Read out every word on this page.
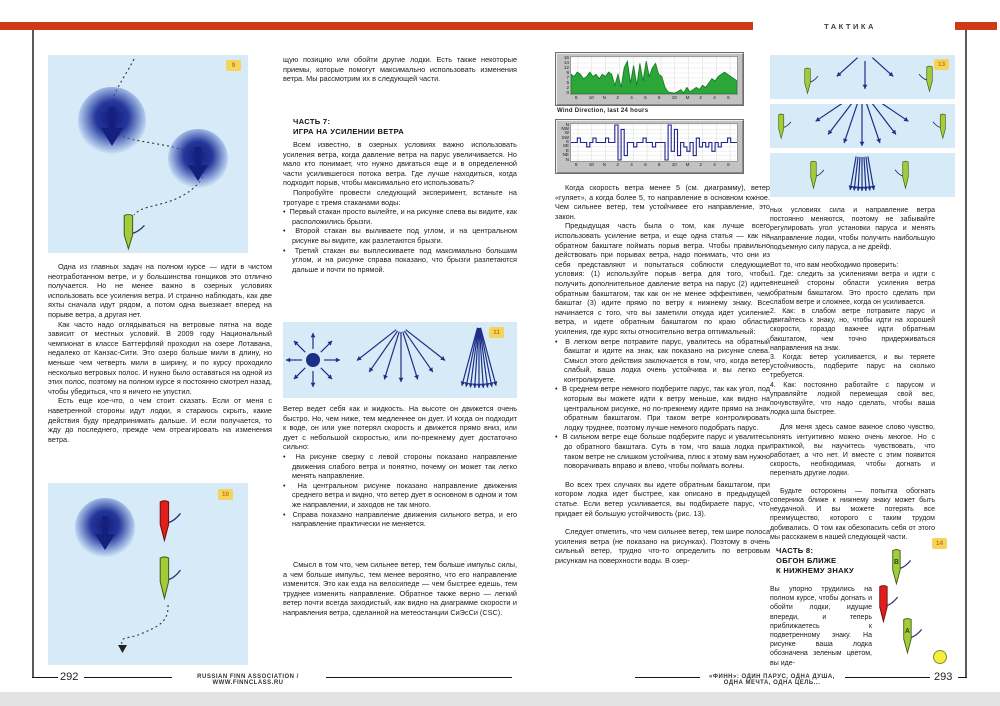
ТАКТИКА
9

Одна из главных задач на полном курсе — идти в чистом неотработанном ветре, и у большинства гонщиков это отлично получается. Но не менее важно в озерных условиях использовать все усиления ветра. И странно наблюдать, как две яхты сначала идут рядом, а потом одна выезжает вперед на порыве ветра, а другая нет.

Как часто надо оглядываться на ветровые пятна на воде зависит от местных условий. В 2009 году Национальный чемпионат в классе Баттерфляй проходил на озере Лотавана, недалеко от Канзас-Сити. Это озеро больше мили в длину, но меньше чем четверть мили в ширину, и по курсу проходило несколько ветровых полос. И нужно было оставаться на одной из этих полос, поэтому на полном курсе я постоянно смотрел назад, чтобы убедиться, что я ничего не упустил.

Есть еще кое-что, о чем стоит сказать. Если от меня с наветренной стороны идут лодки, я стараюсь скрыть, какие действия буду предпринимать дальше. И если получается, то жду до последнего, прежде чем отреагировать на изменения ветра.

10

щую позицию или обойти другие лодки. Есть также некоторые приемы, которые помогут максимально использовать изменения ветра. Мы рассмотрим их в следующей части.

ЧАСТЬ 7:
ИГРА НА УСИЛЕНИИ ВЕТРА

Всем известно, в озерных условиях важно использовать усиления ветра, когда давление ветра на парус увеличивается. Но мало кто понимает, что нужно двигаться еще и в определенной части усилившегося потока ветра. Где лучше находиться, когда подходит порыв, чтобы максимально его использовать?

Попробуйте провести следующий эксперимент, встаньте на тротуаре с тремя стаканами воды:

•  Первый стакан просто вылейте, и на рисунке слева вы видите, как расположились брызги.
•  Второй стакан вы выливаете под углом, и на центральном рисунке вы видите, как разлетаются брызги.
•  Третий стакан вы выплескиваете под максимально большим углом, и на рисунке справа показано, что брызги разлетаются дальше и почти по прямой.
11

Ветер ведет себя как и жидкость. На высоте он движется очень быстро. Но, чем ниже, тем медленнее он дует. И когда он подходит к воде, он или уже потерял скорость и движется прямо вниз, или дует с небольшой скоростью, или по-прежнему дует достаточно сильно:

•  На рисунке сверху с левой стороны показано направление движения слабого ветра и понятно, почему он может так легко менять направление.
•  На центральном рисунке показано направление движения среднего ветра и видно, что ветер дует в основном в одном и том же направлении, и заходов не так много.
•  Справа показано направление движения сильного ветра, и его направление практически не меняется.

Смысл в том что, чем сильнее ветер, тем больше импульс силы, а чем больше импульс, тем менее вероятно, что его направление изменится. Это как езда на велосипеде — чем быстрее едешь, тем труднее изменить направление. Обратное также верно — легкий ветер почти всегда заходистый, как видно на диаграмме скорости и направления ветра, сделанной на метеостанции СиЭсСи (CSC).

8 10 N 2 4 6 8 10 M 2 4 6
16
14
12
9
7
5
2
0
Wind Direction, last 24 hours
8 10 N 2 4 6 8 10 M 2 4 6
N
NW
W
SW
S
SE
E
NE
N

Когда скорость ветра менее 5 (см. диаграмму), ветер «гуляет», а когда более 5, то направление в основном южное. Чем сильнее ветер, тем устойчивее его направление, это закон.

Предыдущая часть была о том, как лучше всего использовать усиление ветра, и еще одна статья — как на обратном бакштаге поймать порыв ветра. Чтобы правильно действовать при порывах ветра, надо понимать, что они из себя представляют и попытаться соблюсти следующие условия: (1) используйте порыв ветра для того, чтобы получить дополнительное давление ветра на парус (2) идите обратным бакштагом, так как он не менее эффективен, чем бакштаг (3) идите прямо по ветру к нижнему знаку. Все начинается с того, что вы заметили откуда идет усиление ветра, и идете обратным бакштагом по краю области усиления, где курс яхты относительно ветра оптимальный:

•  В легком ветре потравите парус, увалитесь на обратный бакштаг и идите на знак, как показано на рисунке слева. Смысл этого действия заключается в том, что, когда ветер слабый, ваша лодка очень устойчива и вы легко ее контролируете.
•  В среднем ветре немного подберите парус, так как угол, под которым вы можете идти к ветру меньше, как видно на центральном рисунке, но по-прежнему идите прямо на знак обратным бакштагом. При таком ветре контролировать лодку труднее, поэтому лучше немного подобрать парус.
•  В сильном ветре еще больше подберите парус и увалитесь до обратного бакштага. Суть в том, что ваша лодка при таком ветре не слишком устойчива, плюс к этому вам нужно поворачивать вправо и влево, чтобы поймать волны.

Во всех трех случаях вы идете обратным бакштагом, при котором лодка идет быстрее, как описано в предыдущей статье. Если ветер усиливается, вы подбираете парус, что придает ей большую устойчивость (рис. 13).

Следует отметить, что чем сильнее ветер, тем шире полоса усиления ветра (не показано на рисунках). Поэтому в очень сильный ветер, трудно что-то определить по ветровым рисункам на поверхности воды. В озер-

13

ных условиях сила и направление ветра постоянно меняются, поэтому не забывайте регулировать угол установки паруса и менять направление лодки, чтобы получить наибольшую подъемную силу паруса, а не дрейф.

Вот то, что вам необходимо проверить:

1. Где: следить за усилениями ветра и идти с внешней стороны области усиления ветра обратным бакштагом. Это просто сделать при слабом ветре и сложнее, когда он усиливается.

2. Как: в слабом ветре потравите парус и двигайтесь к знаку, но, чтобы идти на хорошей скорости, гораздо важнее идти обратным бакштагом, чем точно придерживаться направления на знак.

3. Когда: ветер усиливается, и вы теряете устойчивость, подберите парус на сколько требуется.

4. Как: постоянно работайте с парусом и управляйте лодкой перемещая свой вес, почувствуйте, что надо сделать, чтобы ваша лодка шла быстрее.

Для меня здесь самое важное слово чувство, понять интуитивно можно очень многое. Но с практикой, вы научитесь чувствовать, что работает, а что нет. И вместе с этим появится скорость, необходимая, чтобы догнать и перегнать другие лодки.

Будьте осторожны — попытка обогнать соперника ближе к нижнему знаку может быть неудачной. И вы можете потерять все преимущество, которого с таким трудом добивались. О том как обезопасить себя от этого мы расскажем в нашей следующей части.

ЧАСТЬ 8:
ОБГОН БЛИЖЕ
К НИЖНЕМУ ЗНАКУ

Вы упорно трудились на полном курсе, чтобы догнать и обойти лодки, идущие впереди, и теперь приближаетесь к подветренному знаку. На рисунке ваша лодка обозначена зеленым цветом, вы иде-

14
B
A
292	RUSSIAN FINN ASSOCIATION / WWW.FINNCLASS.RU
«ФИНН»: ОДИН ПАРУС, ОДНА ДУША, ОДНА МЕЧТА, ОДНА ЦЕЛЬ...	293
